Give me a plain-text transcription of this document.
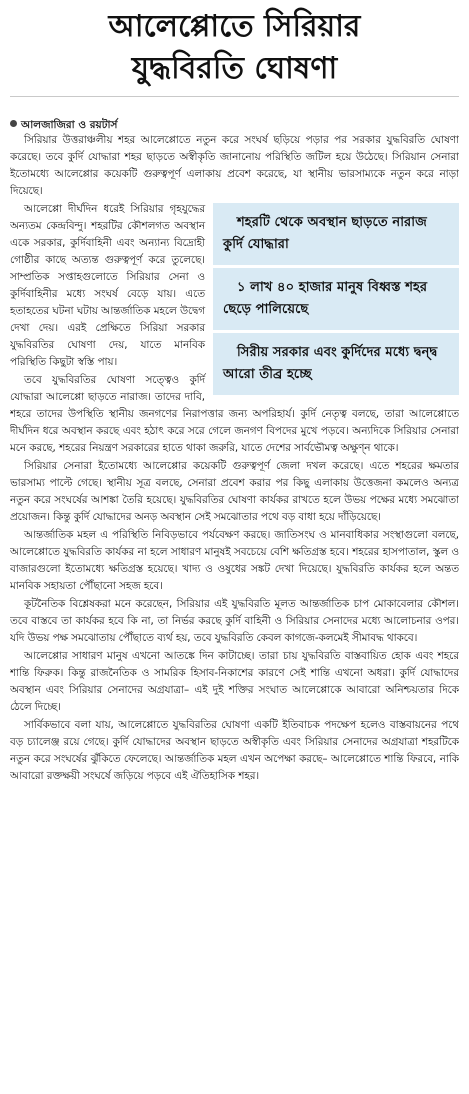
আলেপ্পোতে সিরিয়ার
যুদ্ধবিরতি ঘোষণা
আলজাজিরা ও রয়টার্স

সিরিয়ার উত্তরাঞ্চলীয় শহর আলেপ্পোতে নতুন করে সংঘর্ষ ছড়িয়ে পড়ার পর সরকার যুদ্ধবিরতি ঘোষণা করেছে। তবে কুর্দি যোদ্ধারা শহর ছাড়তে অস্বীকৃতি জানানোয় পরিস্থিতি জটিল হয়ে উঠেছে। সিরিয়ান সেনারা ইতোমধ্যে আলেপ্পোর কয়েকটি গুরুত্বপূর্ণ এলাকায় প্রবেশ করেছে, যা স্থানীয় ভারসাম্যকে নতুন করে নাড়া দিয়েছে।

শহরটি থেকে অবস্থান ছাড়তে নারাজ কুর্দি যোদ্ধারা
১ লাখ ৪০ হাজার মানুষ বিধ্বস্ত শহর ছেড়ে পালিয়েছে
সিরীয় সরকার এবং কুর্দিদের মধ্যে দ্বন্দ্ব আরো তীব্র হচ্ছে
আলেপ্পো দীর্ঘদিন ধরেই সিরিয়ার গৃহযুদ্ধের অন্যতম কেন্দ্রবিন্দু। শহরটির কৌশলগত অবস্থান একে সরকার, কুর্দিবাহিনী এবং অন্যান্য বিদ্রোহী গোষ্ঠীর কাছে অত্যন্ত গুরুত্বপূর্ণ করে তুলেছে। সাম্প্রতিক সপ্তাহগুলোতে সিরিয়ার সেনা ও কুর্দিবাহিনীর মধ্যে সংঘর্ষ বেড়ে যায়। এতে হতাহতের ঘটনা ঘটায় আন্তর্জাতিক মহলে উদ্বেগ দেখা দেয়। এরই প্রেক্ষিতে সিরিয়া সরকার যুদ্ধবিরতির ঘোষণা দেয়, যাতে মানবিক পরিস্থিতি কিছুটা স্বস্তি পায়।

তবে যুদ্ধবিরতির ঘোষণা সত্ত্বেও কুর্দি যোদ্ধারা আলেপ্পো ছাড়তে নারাজ। তাদের দাবি, শহরে তাদের উপস্থিতি স্থানীয় জনগণের নিরাপত্তার জন্য অপরিহার্য। কুর্দি নেতৃত্ব বলছে, তারা আলেপ্পোতে দীর্ঘদিন ধরে অবস্থান করছে এবং হঠাৎ করে সরে গেলে জনগণ বিপদের মুখে পড়বে। অন্যদিকে সিরিয়ার সেনারা মনে করছে, শহরের নিয়ন্ত্রণ সরকারের হাতে থাকা জরুরি, যাতে দেশের সার্বভৌমত্ব অক্ষুণ্ন থাকে।

সিরিয়ার সেনারা ইতোমধ্যে আলেপ্পোর কয়েকটি গুরুত্বপূর্ণ জেলা দখল করেছে। এতে শহরের ক্ষমতার ভারসাম্য পাল্টে গেছে। স্থানীয় সূত্র বলছে, সেনারা প্রবেশ করার পর কিছু এলাকায় উত্তেজনা কমলেও অন্যত্র নতুন করে সংঘর্ষের আশঙ্কা তৈরি হয়েছে। যুদ্ধবিরতির ঘোষণা কার্যকর রাখতে হলে উভয় পক্ষের মধ্যে সমঝোতা প্রয়োজন। কিন্তু কুর্দি যোদ্ধাদের অনড় অবস্থান সেই সমঝোতার পথে বড় বাধা হয়ে দাঁড়িয়েছে।

আন্তর্জাতিক মহল এ পরিস্থিতি নিবিড়ভাবে পর্যবেক্ষণ করছে। জাতিসংঘ ও মানবাধিকার সংস্থাগুলো বলছে, আলেপ্পোতে যুদ্ধবিরতি কার্যকর না হলে সাধারণ মানুষই সবচেয়ে বেশি ক্ষতিগ্রস্ত হবে। শহরের হাসপাতাল, স্কুল ও বাজারগুলো ইতোমধ্যে ক্ষতিগ্রস্ত হয়েছে। খাদ্য ও ওষুধের সঙ্কট দেখা দিয়েছে। যুদ্ধবিরতি কার্যকর হলে অন্তত মানবিক সহায়তা পৌঁছানো সহজ হবে।

কূটনৈতিক বিশ্লেষকরা মনে করেছেন, সিরিয়ার এই যুদ্ধবিরতি মূলত আন্তর্জাতিক চাপ মোকাবেলার কৌশল। তবে বাস্তবে তা কার্যকর হবে কি না, তা নির্ভর করছে কুর্দি বাহিনী ও সিরিয়ার সেনাদের মধ্যে আলোচনার ওপর। যদি উভয় পক্ষ সমঝোতায় পৌঁছাতে ব্যর্থ হয়, তবে যুদ্ধবিরতি কেবল কাগজে-কলমেই সীমাবদ্ধ থাকবে।

আলেপ্পোর সাধারণ মানুষ এখনো আতঙ্কে দিন কাটাচ্ছে। তারা চায় যুদ্ধবিরতি বাস্তবায়িত হোক এবং শহরে শান্তি ফিরুক। কিন্তু রাজনৈতিক ও সামরিক হিসাব-নিকাশের কারণে সেই শান্তি এখনো অধরা। কুর্দি যোদ্ধাদের অবস্থান এবং সিরিয়ার সেনাদের অগ্রযাত্রা– এই দুই শক্তির সংঘাত আলেপ্পোকে আবারো অনিশ্চয়তার দিকে ঠেলে দিচ্ছে।

সার্বিকভাবে বলা যায়, আলেপ্পোতে যুদ্ধবিরতির ঘোষণা একটি ইতিবাচক পদক্ষেপ হলেও বাস্তবায়নের পথে বড় চ্যালেঞ্জ রয়ে গেছে। কুর্দি যোদ্ধাদের অবস্থান ছাড়তে অস্বীকৃতি এবং সিরিয়ার সেনাদের অগ্রযাত্রা শহরটিকে নতুন করে সংঘর্ষের ঝুঁকিতে ফেলেছে। আন্তর্জাতিক মহল এখন অপেক্ষা করছে– আলেপ্পোতে শান্তি ফিরবে, নাকি আবারো রক্তক্ষয়ী সংঘর্ষে জড়িয়ে পড়বে এই ঐতিহাসিক শহর।
